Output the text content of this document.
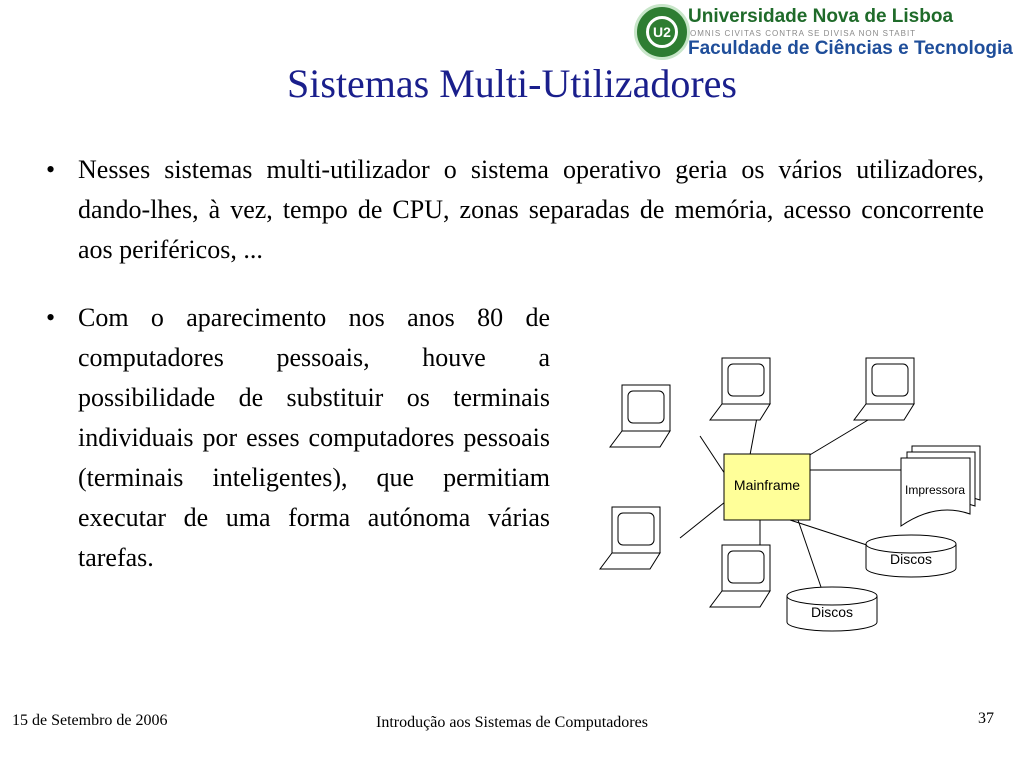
U2
Universidade Nova de Lisboa
OMNIS CIVITAS CONTRA SE DIVISA NON STABIT
Faculdade de Ciências e Tecnologia
Sistemas Multi-Utilizadores
• Nesses sistemas multi-utilizador o sistema operativo geria os vários utilizadores, dando-lhes, à vez, tempo de CPU, zonas separadas de memória, acesso concorrente aos periféricos, ...
• Com o aparecimento nos anos 80 de computadores pessoais, houve a possibilidade de substituir os terminais individuais por esses computadores pessoais (terminais inteligentes), que permitiam executar de uma forma autónoma várias tarefas.
Mainframe	Impressora
Discos
Discos
15 de Setembro de 2006	Introdução aos Sistemas de Computadores	37
